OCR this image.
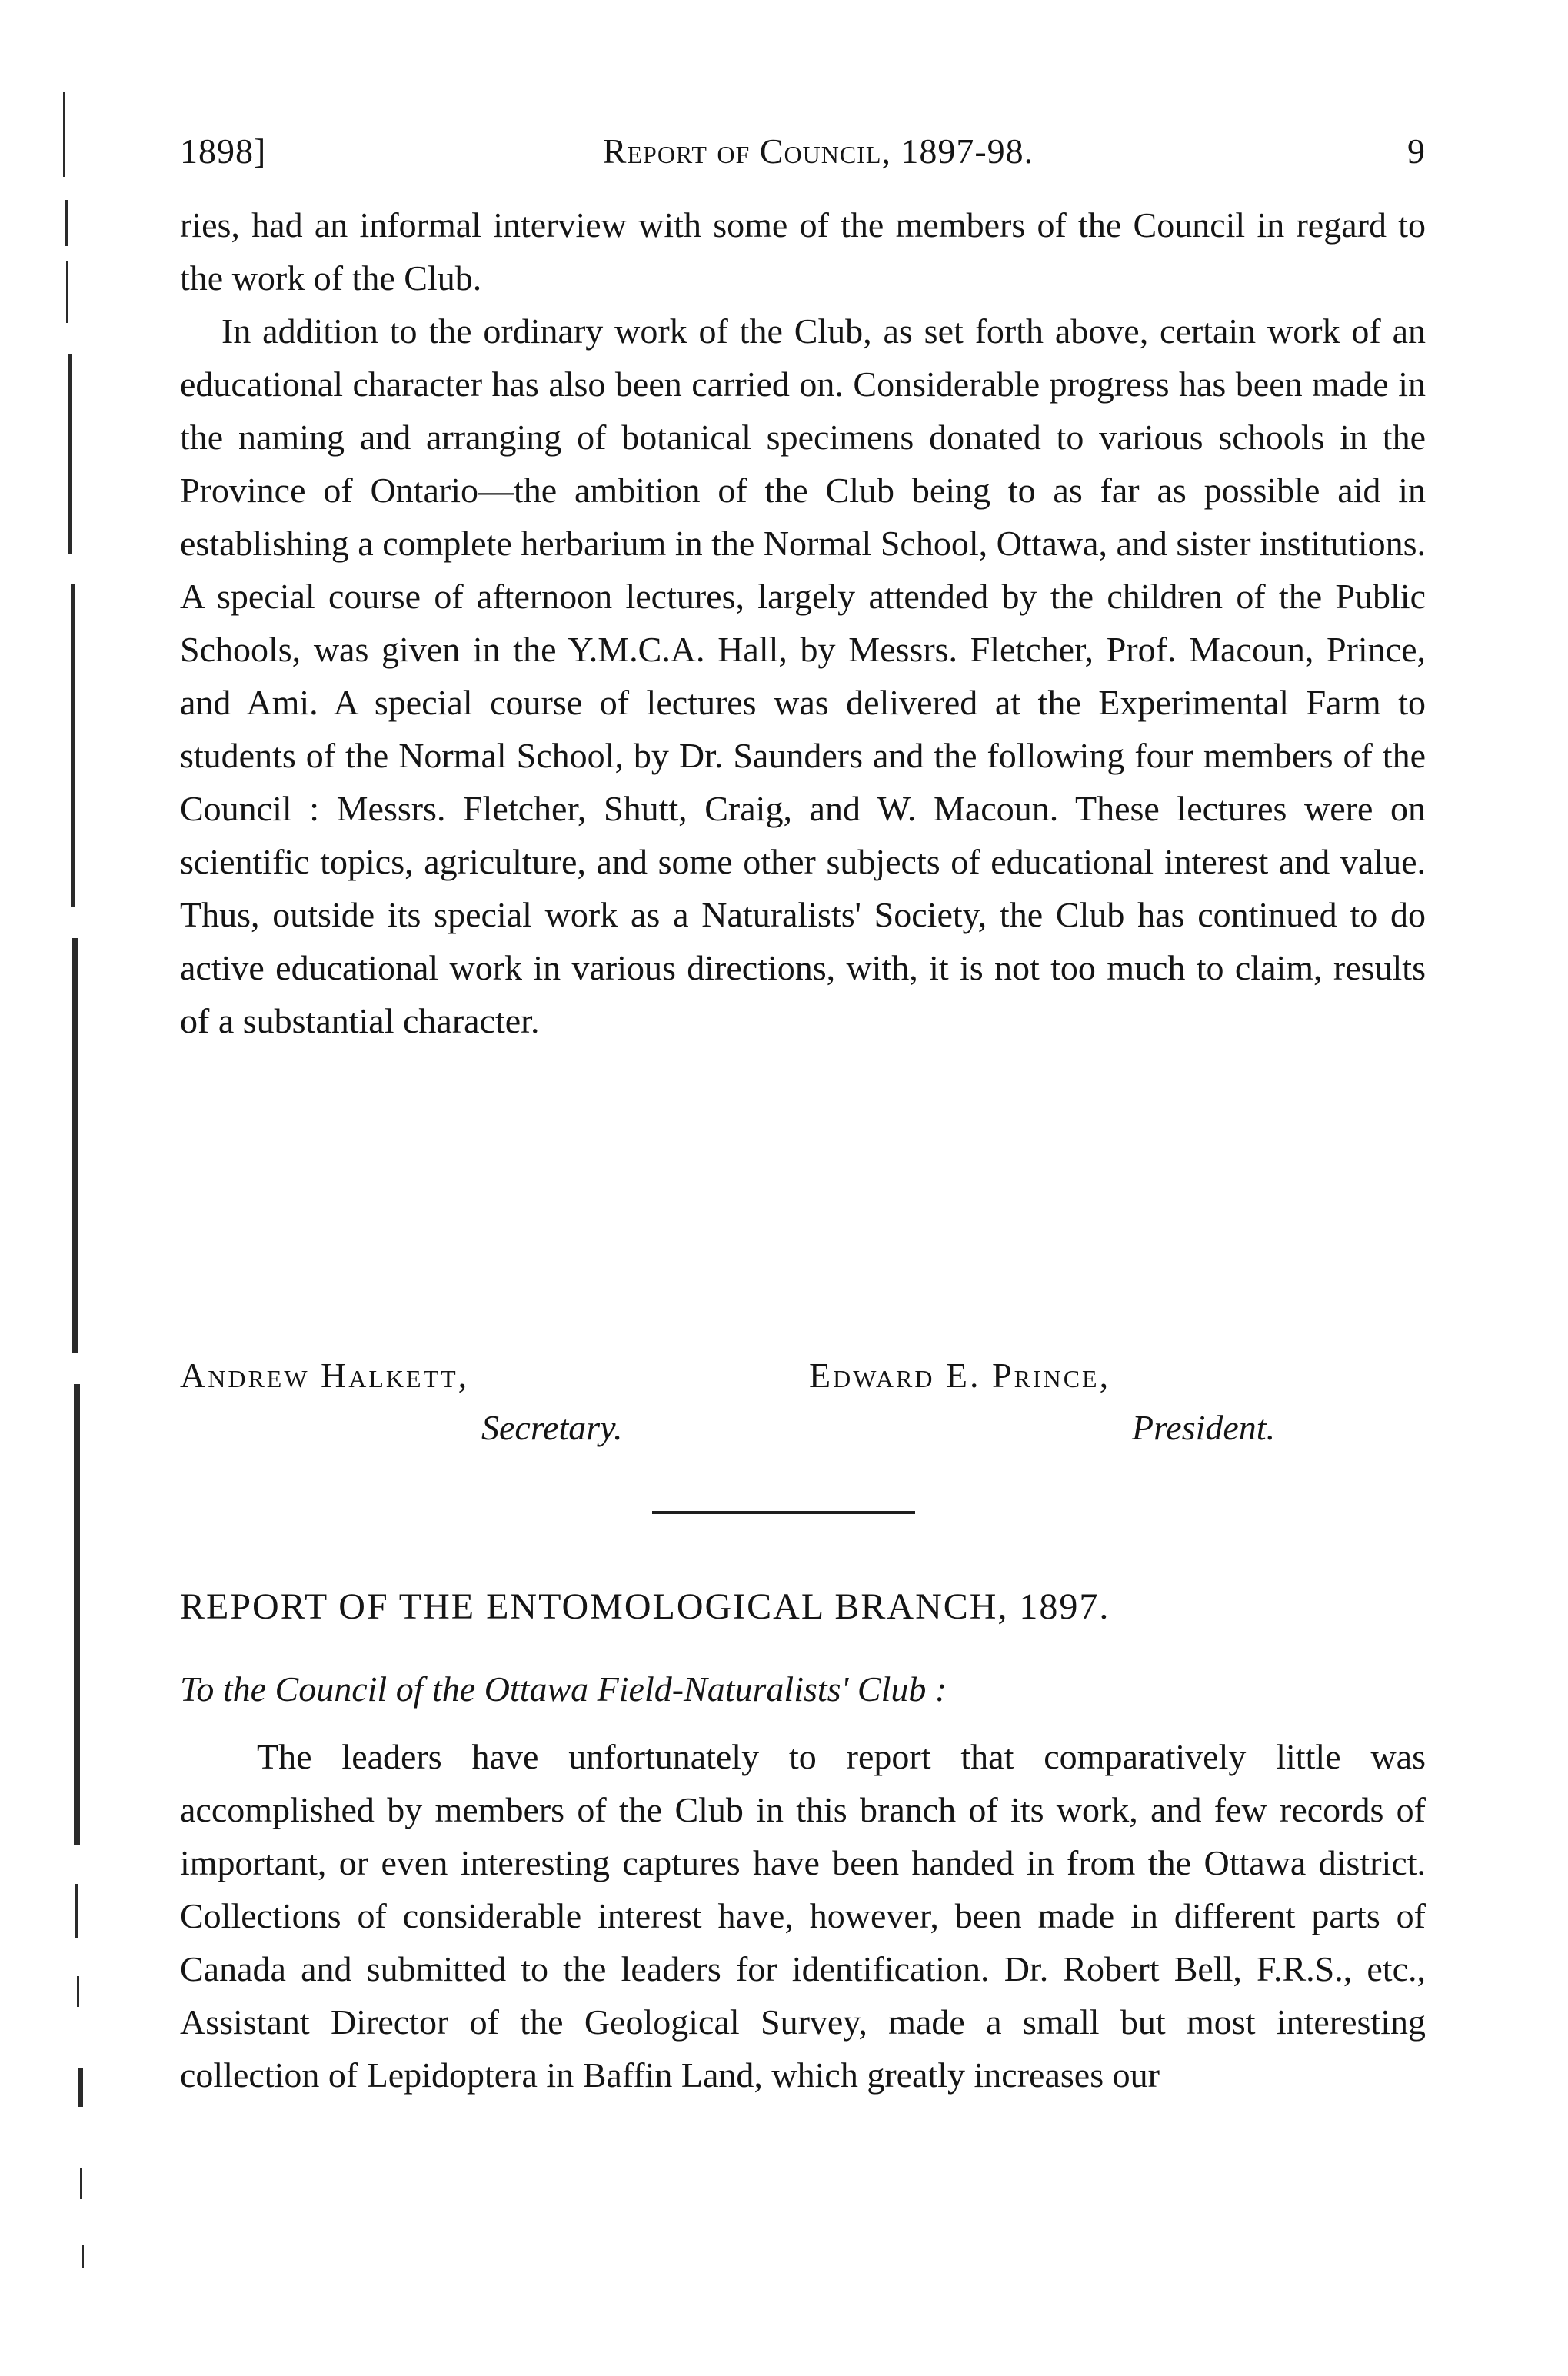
1898]	Report of Council, 1897-98.	9

ries, had an informal interview with some of the members of the Council in regard to the work of the Club.

In addition to the ordinary work of the Club, as set forth above, certain work of an educational character has also been carried on. Considerable progress has been made in the naming and arranging of botanical specimens donated to various schools in the Province of Ontario—the ambition of the Club being to as far as possible aid in establishing a complete herbarium in the Normal School, Ottawa, and sister institutions. A special course of afternoon lectures, largely attended by the children of the Public Schools, was given in the Y.M.C.A. Hall, by Messrs. Fletcher, Prof. Macoun, Prince, and Ami. A special course of lectures was delivered at the Experimental Farm to students of the Normal School, by Dr. Saunders and the following four members of the Council : Messrs. Fletcher, Shutt, Craig, and W. Macoun. These lectures were on scientific topics, agriculture, and some other subjects of educational interest and value. Thus, outside its special work as a Naturalists' Society, the Club has continued to do active educational work in various directions, with, it is not too much to claim, results of a substantial character.

Andrew Halkett,	Edward E. Prince,
Secretary.	President.
REPORT OF THE ENTOMOLOGICAL BRANCH, 1897.
To the Council of the Ottawa Field-Naturalists' Club :

The leaders have unfortunately to report that comparatively little was accomplished by members of the Club in this branch of its work, and few records of important, or even interesting captures have been handed in from the Ottawa district. Collections of considerable interest have, however, been made in different parts of Canada and submitted to the leaders for identification. Dr. Robert Bell, F.R.S., etc., Assistant Director of the Geological Survey, made a small but most interesting collection of Lepidoptera in Baffin Land, which greatly increases our
